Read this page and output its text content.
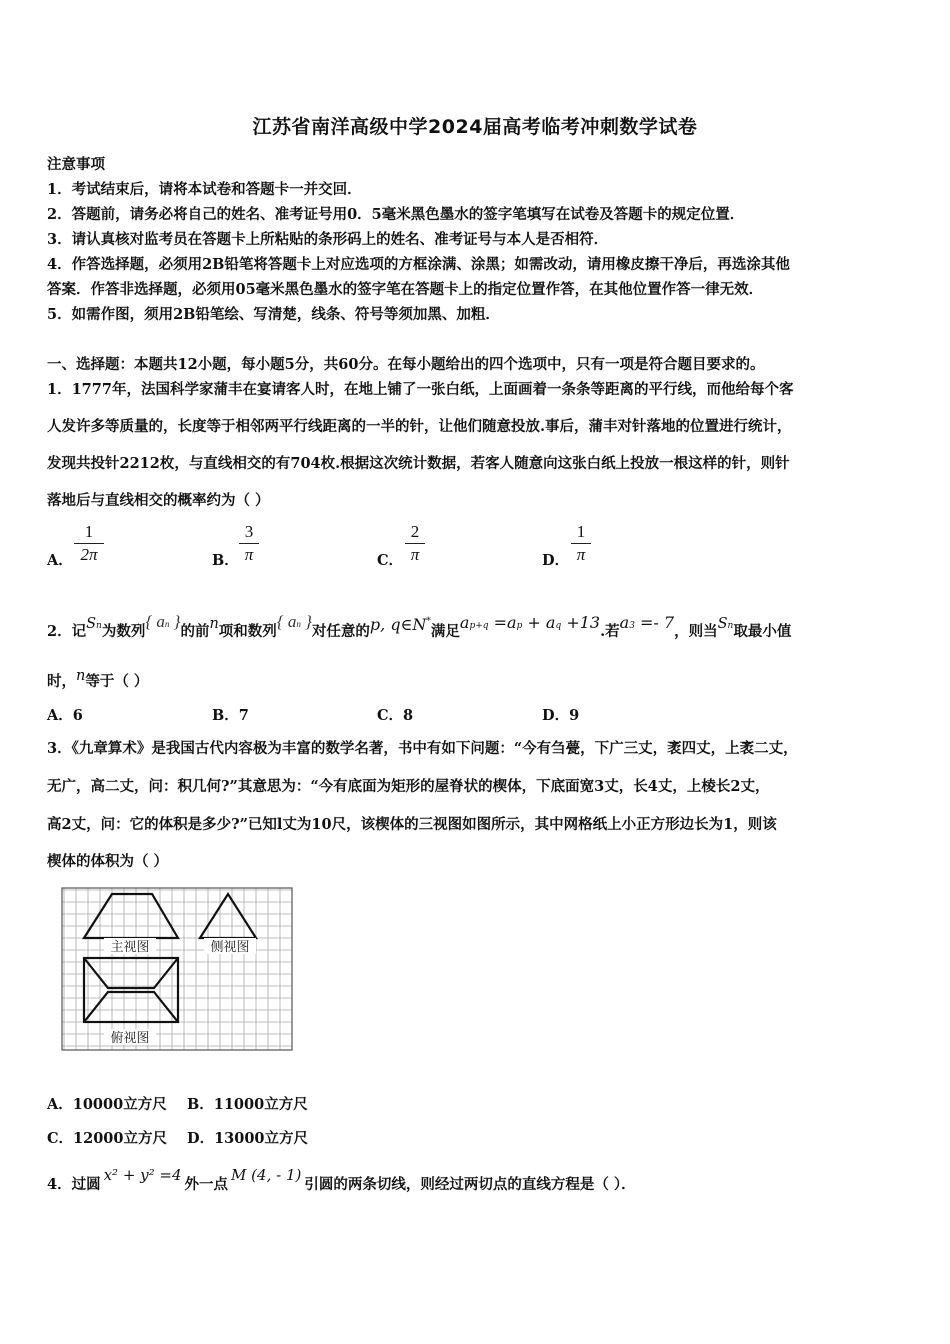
江苏省南洋高级中学2024届高考临考冲刺数学试卷
注意事项
1．考试结束后，请将本试卷和答题卡一并交回．
2．答题前，请务必将自己的姓名、准考证号用0．5毫米黑色墨水的签字笔填写在试卷及答题卡的规定位置．
3．请认真核对监考员在答题卡上所粘贴的条形码上的姓名、准考证号与本人是否相符．
4．作答选择题，必须用2B铅笔将答题卡上对应选项的方框涂满、涂黑；如需改动，请用橡皮擦干净后，再选涂其他
答案．作答非选择题，必须用05毫米黑色墨水的签字笔在答题卡上的指定位置作答，在其他位置作答一律无效．
5．如需作图，须用2B铅笔绘、写清楚，线条、符号等须加黑、加粗．
一、选择题：本题共12小题，每小题5分，共60分。在每小题给出的四个选项中，只有一项是符合题目要求的。
1．1777年，法国科学家蒲丰在宴请客人时，在地上铺了一张白纸，上面画着一条条等距离的平行线，而他给每个客
人发许多等质量的，长度等于相邻两平行线距离的一半的针，让他们随意投放.事后，蒲丰对针落地的位置进行统计，
发现共投针2212枚，与直线相交的有704枚.根据这次统计数据，若客人随意向这张白纸上投放一根这样的针，则针
落地后与直线相交的概率约为（ ）
A．
1
2π	B．
3
π	C．
2
π	D．
1
π
2．记Sn为数列{ an }的前n项和数列{ an }对任意的p, q∈N*满足ap+q =ap + aq +13.若a3 =- 7，则当Sn取最小值
时，n等于（ ）
A．6	B．7	C．8	D．9
3．《九章算术》是我国古代内容极为丰富的数学名著，书中有如下问题：“今有刍甍，下广三丈，袤四丈，上袤二丈，
无广，高二丈，问：积几何?”其意思为：“今有底面为矩形的屋脊状的楔体，下底面宽3丈，长4丈，上棱长2丈，
高2丈，问：它的体积是多少?”已知l丈为10尺，该楔体的三视图如图所示，其中网格纸上小正方形边长为1，则该
楔体的体积为（ ）
主视图	侧视图
俯视图
A．10000立方尺 B．11000立方尺
C．12000立方尺 D．13000立方尺
4．过圆x² + y² =4外一点M (4, - 1)引圆的两条切线，则经过两切点的直线方程是（ ）．
